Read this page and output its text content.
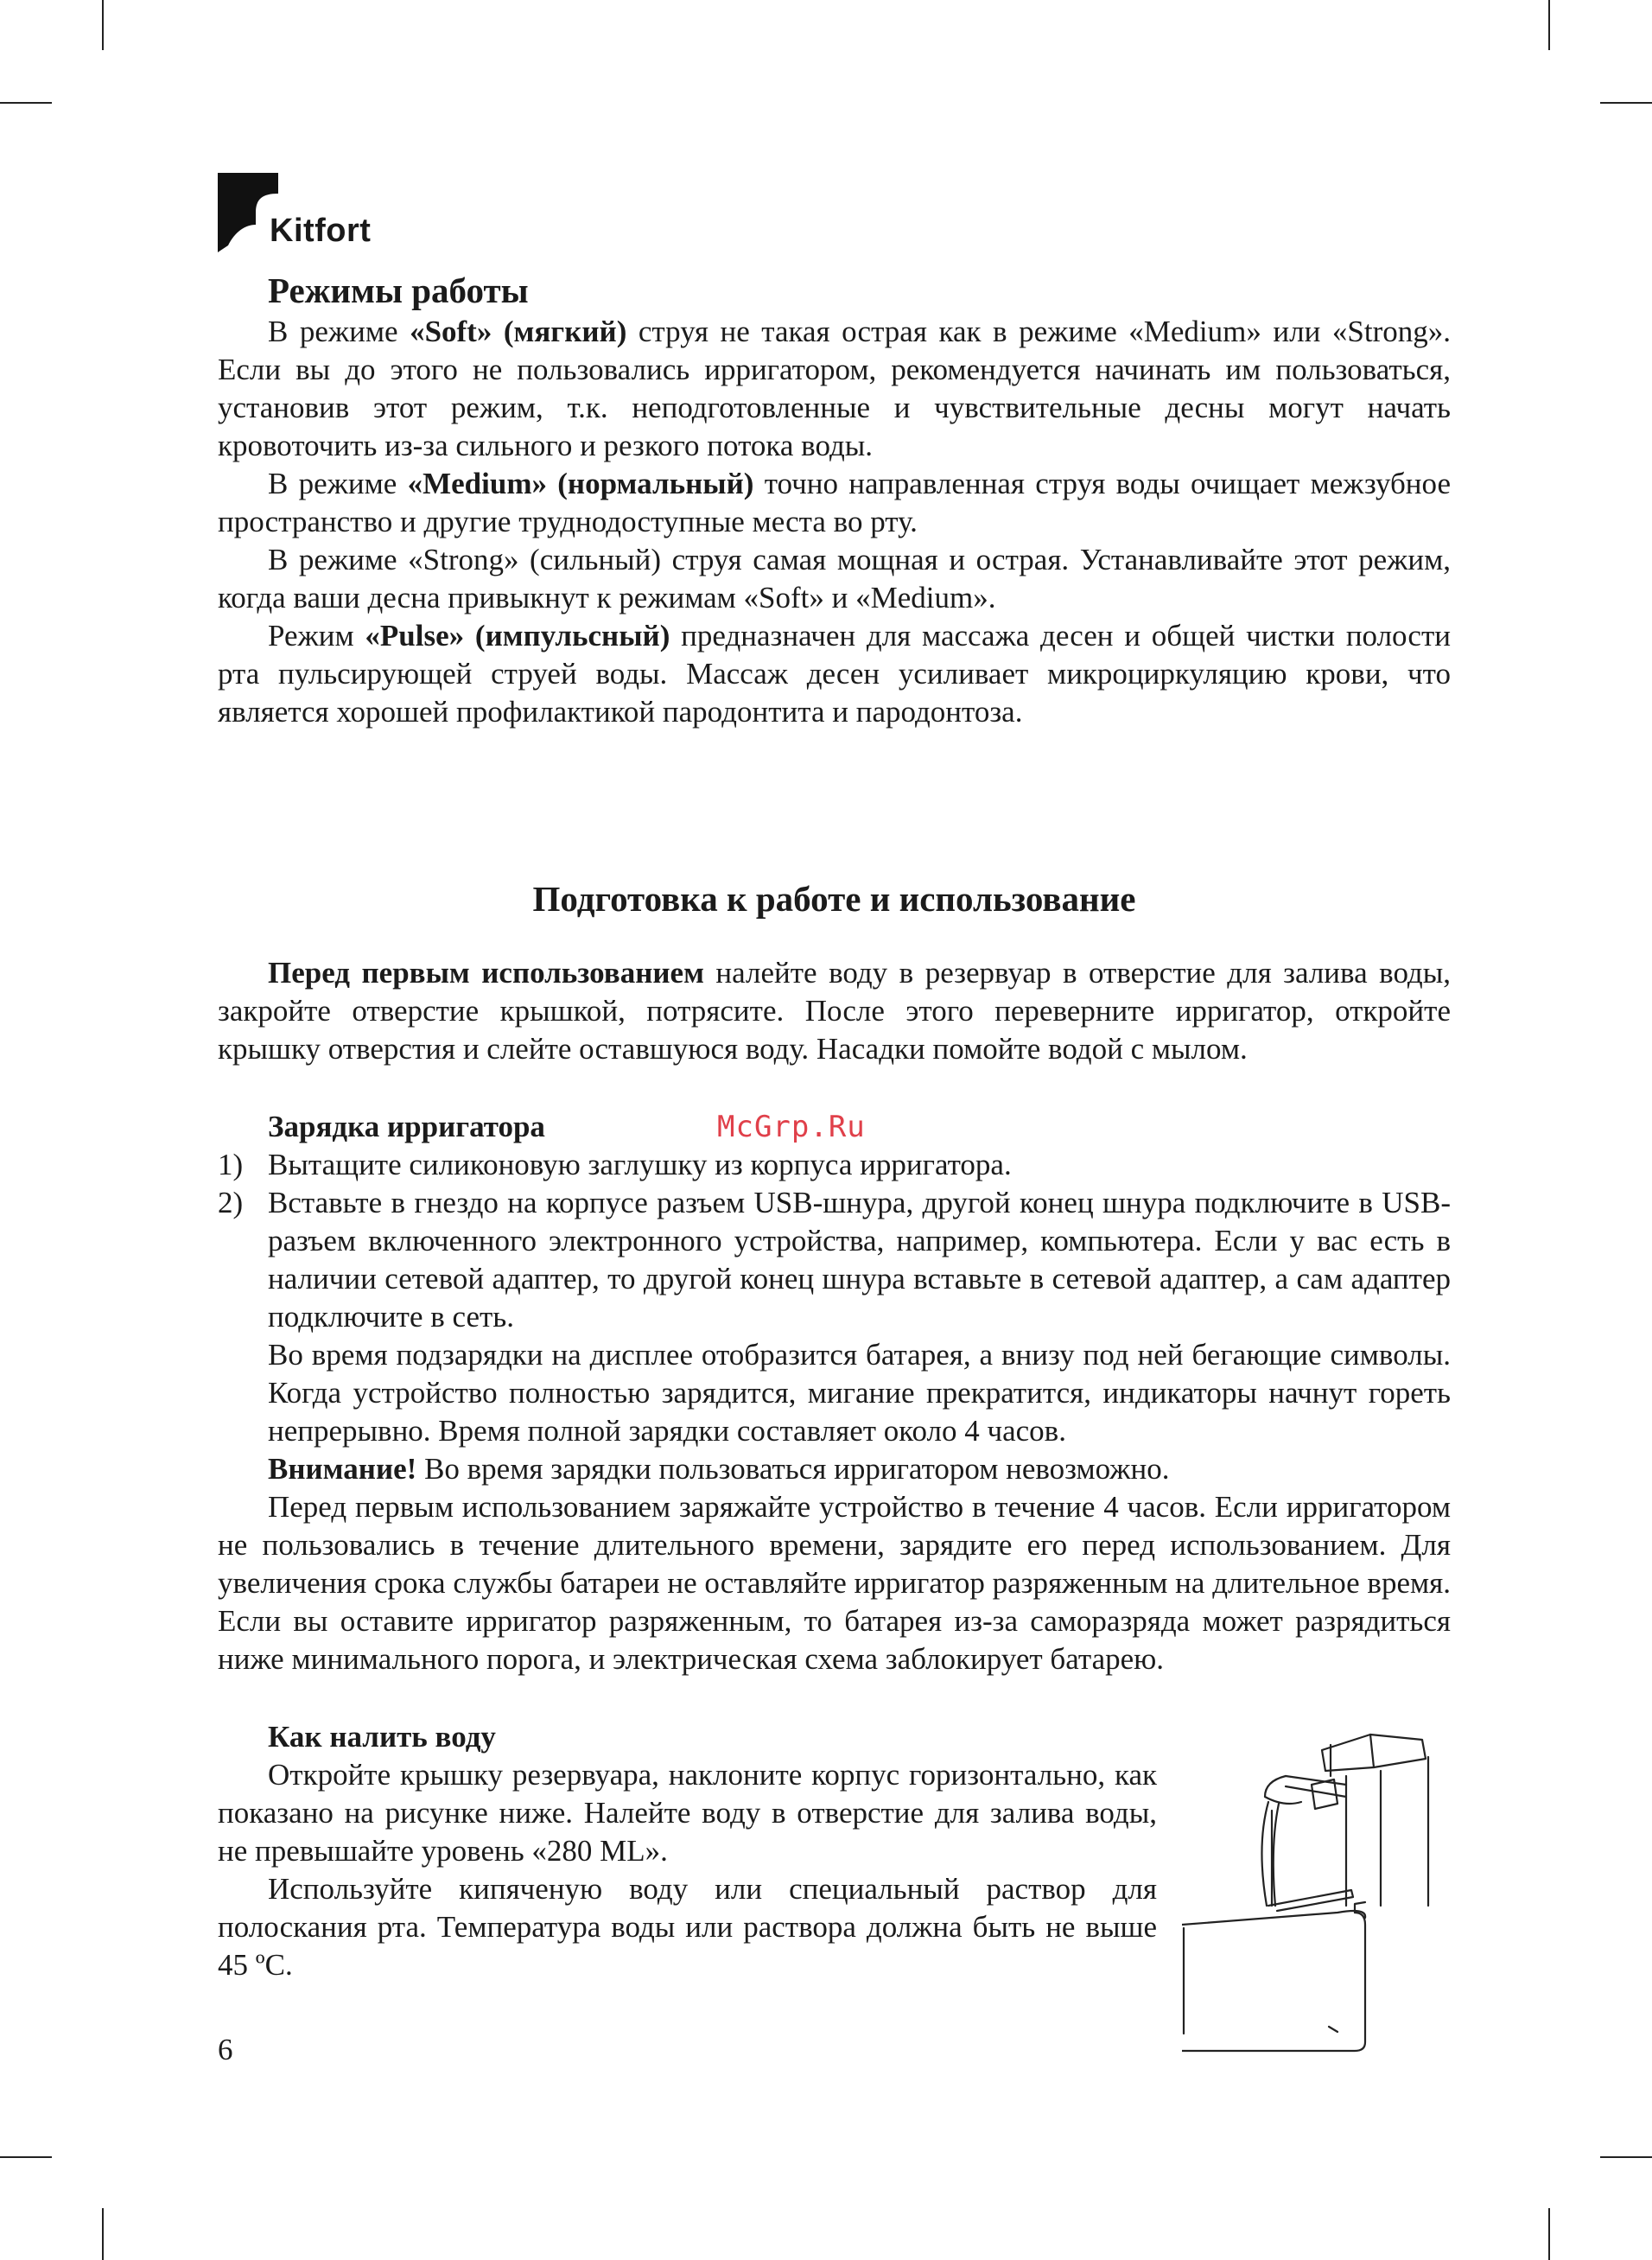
Kitfort
Режимы работы

В режиме «Soft» (мягкий) струя не такая острая как в режиме «Medium» или «Strong». Если вы до этого не пользовались ирригатором, рекомендуется начинать им пользоваться, установив этот режим, т.к. неподготовленные и чувствительные десны могут начать кровоточить из-за сильного и резкого потока воды.

В режиме «Medium» (нормальный) точно направленная струя воды очищает межзубное пространство и другие труднодоступные места во рту.

В режиме «Strong» (сильный) струя самая мощная и острая. Устанавливайте этот режим, когда ваши десна привыкнут к режимам «Soft» и «Medium».

Режим «Pulse» (импульсный) предназначен для массажа десен и общей чистки полости рта пульсирующей струей воды. Массаж десен усиливает микроциркуляцию крови, что является хорошей профилактикой пародонтита и пародонтоза.

Подготовка к работе и использование

Перед первым использованием налейте воду в резервуар в отверстие для залива воды, закройте отверстие крышкой, потрясите. После этого переверните ирригатор, откройте крышку отверстия и слейте оставшуюся воду. Насадки помойте водой с мылом.

Зарядка ирригатора	McGrp.Ru
1) Вытащите силиконовую заглушку из корпуса ирригатора.

2) Вставьте в гнездо на корпусе разъем USB-шнура, другой конец шнура подключите в USB-разъем включенного электронного устройства, например, компьютера. Если у вас есть в наличии сетевой адаптер, то другой конец шнура вставьте в сетевой адаптер, а сам адаптер подключите в сеть.

Во время подзарядки на дисплее отобразится батарея, а внизу под ней бегающие символы. Когда устройство полностью зарядится, мигание прекратится, индикаторы начнут гореть непрерывно. Время полной зарядки составляет около 4 часов.

Внимание! Во время зарядки пользоваться ирригатором невозможно.

Перед первым использованием заряжайте устройство в течение 4 часов. Если ирригатором не пользовались в течение длительного времени, зарядите его перед использованием. Для увеличения срока службы батареи не оставляйте ирригатор разряженным на длительное время. Если вы оставите ирригатор разряженным, то батарея из-за саморазряда может разрядиться ниже минимального порога, и электрическая схема заблокирует батарею.

Как налить воду

Откройте крышку резервуара, наклоните корпус горизонтально, как показано на рисунке ниже. Налейте воду в отверстие для залива воды, не превышайте уровень «280 ML».

Используйте кипяченую воду или специальный раствор для полоскания рта. Температура воды или раствора должна быть не выше 45 ºС.

6
